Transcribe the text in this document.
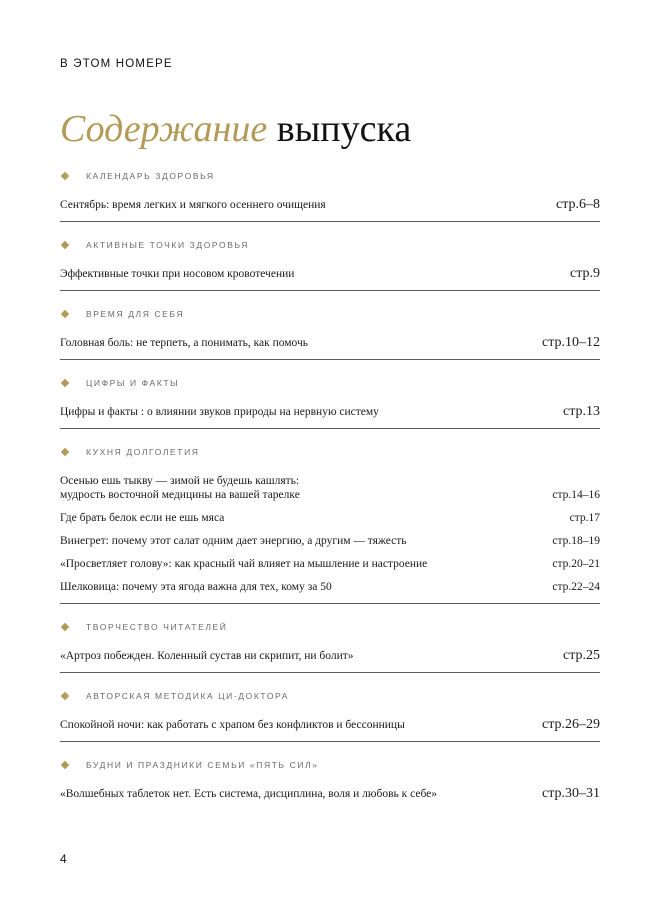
В ЭТОМ НОМЕРЕ
Содержание выпуска
КАЛЕНДАРЬ ЗДОРОВЬЯ
Сентябрь: время легких и мягкого осеннего очищения	стр.6–8
АКТИВНЫЕ ТОЧКИ ЗДОРОВЬЯ
Эффективные точки при носовом кровотечении	стр.9
ВРЕМЯ ДЛЯ СЕБЯ
Головная боль: не терпеть, а понимать, как помочь	стр.10–12
ЦИФРЫ И ФАКТЫ
Цифры и факты : о влиянии звуков природы на нервную систему	стр.13
КУХНЯ ДОЛГОЛЕТИЯ
Осенью ешь тыкву — зимой не будешь кашлять:
мудрость восточной медицины на вашей тарелке	стр.14–16
Где брать белок если не ешь мяса	стр.17
Винегрет: почему этот салат одним дает энергию, а другим — тяжесть	стр.18–19
«Просветляет голову»: как красный чай влияет на мышление и настроение	стр.20–21
Шелковица: почему эта ягода важна для тех, кому за 50	стр.22–24
ТВОРЧЕСТВО ЧИТАТЕЛЕЙ
«Артроз побежден. Коленный сустав ни скрипит, ни болит»	стр.25
АВТОРСКАЯ МЕТОДИКА ЦИ-ДОКТОРА
Спокойной ночи: как работать с храпом без конфликтов и бессонницы	стр.26–29
БУДНИ И ПРАЗДНИКИ СЕМЬИ «ПЯТЬ СИЛ»
«Волшебных таблеток нет. Есть система, дисциплина, воля и любовь к себе»	стр.30–31
4
